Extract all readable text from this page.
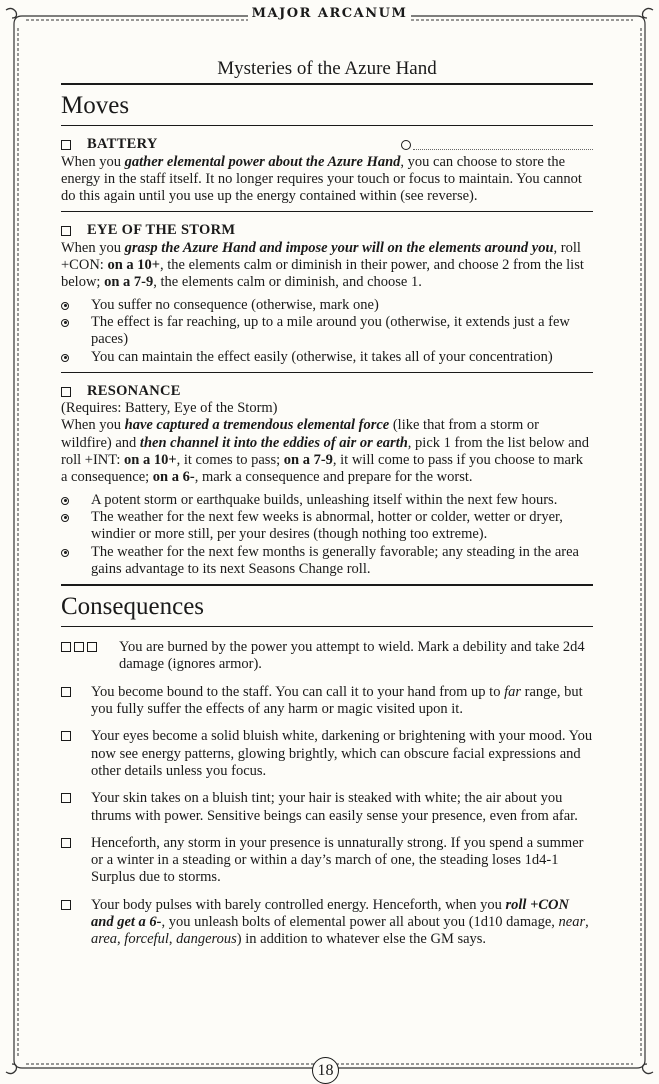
MAJOR ARCANUM
Mysteries of the Azure Hand
Moves
BATTERY

When you gather elemental power about the Azure Hand, you can choose to store the energy in the staff itself. It no longer requires your touch or focus to maintain. You cannot do this again until you use up the energy contained within (see reverse).

EYE OF THE STORM

When you grasp the Azure Hand and impose your will on the elements around you, roll +CON: on a 10+, the elements calm or diminish in their power, and choose 2 from the list below; on a 7-9, the elements calm or diminish, and choose 1.

You suffer no consequence (otherwise, mark one)
The effect is far reaching, up to a mile around you (otherwise, it extends just a few paces)
You can maintain the effect easily (otherwise, it takes all of your concentration)
RESONANCE

(Requires: Battery, Eye of the Storm)

When you have captured a tremendous elemental force (like that from a storm or wildfire) and then channel it into the eddies of air or earth, pick 1 from the list below and roll +INT: on a 10+, it comes to pass; on a 7-9, it will come to pass if you choose to mark a consequence; on a 6-, mark a consequence and prepare for the worst.

A potent storm or earthquake builds, unleashing itself within the next few hours.
The weather for the next few weeks is abnormal, hotter or colder, wetter or dryer, windier or more still, per your desires (though nothing too extreme).
The weather for the next few months is generally favorable; any steading in the area gains advantage to its next Seasons Change roll.
Consequences
You are burned by the power you attempt to wield. Mark a debility and take 2d4 damage (ignores armor).
You become bound to the staff. You can call it to your hand from up to far range, but you fully suffer the effects of any harm or magic visited upon it.
Your eyes become a solid bluish white, darkening or brightening with your mood. You now see energy patterns, glowing brightly, which can obscure facial expressions and other details unless you focus.
Your skin takes on a bluish tint; your hair is steaked with white; the air about you thrums with power. Sensitive beings can easily sense your presence, even from afar.
Henceforth, any storm in your presence is unnaturally strong. If you spend a summer or a winter in a steading or within a day’s march of one, the steading loses 1d4-1 Surplus due to storms.
Your body pulses with barely controlled energy. Henceforth, when you roll +CON and get a 6-, you unleash bolts of elemental power all about you (1d10 damage, near, area, forceful, dangerous) in addition to whatever else the GM says.
18
